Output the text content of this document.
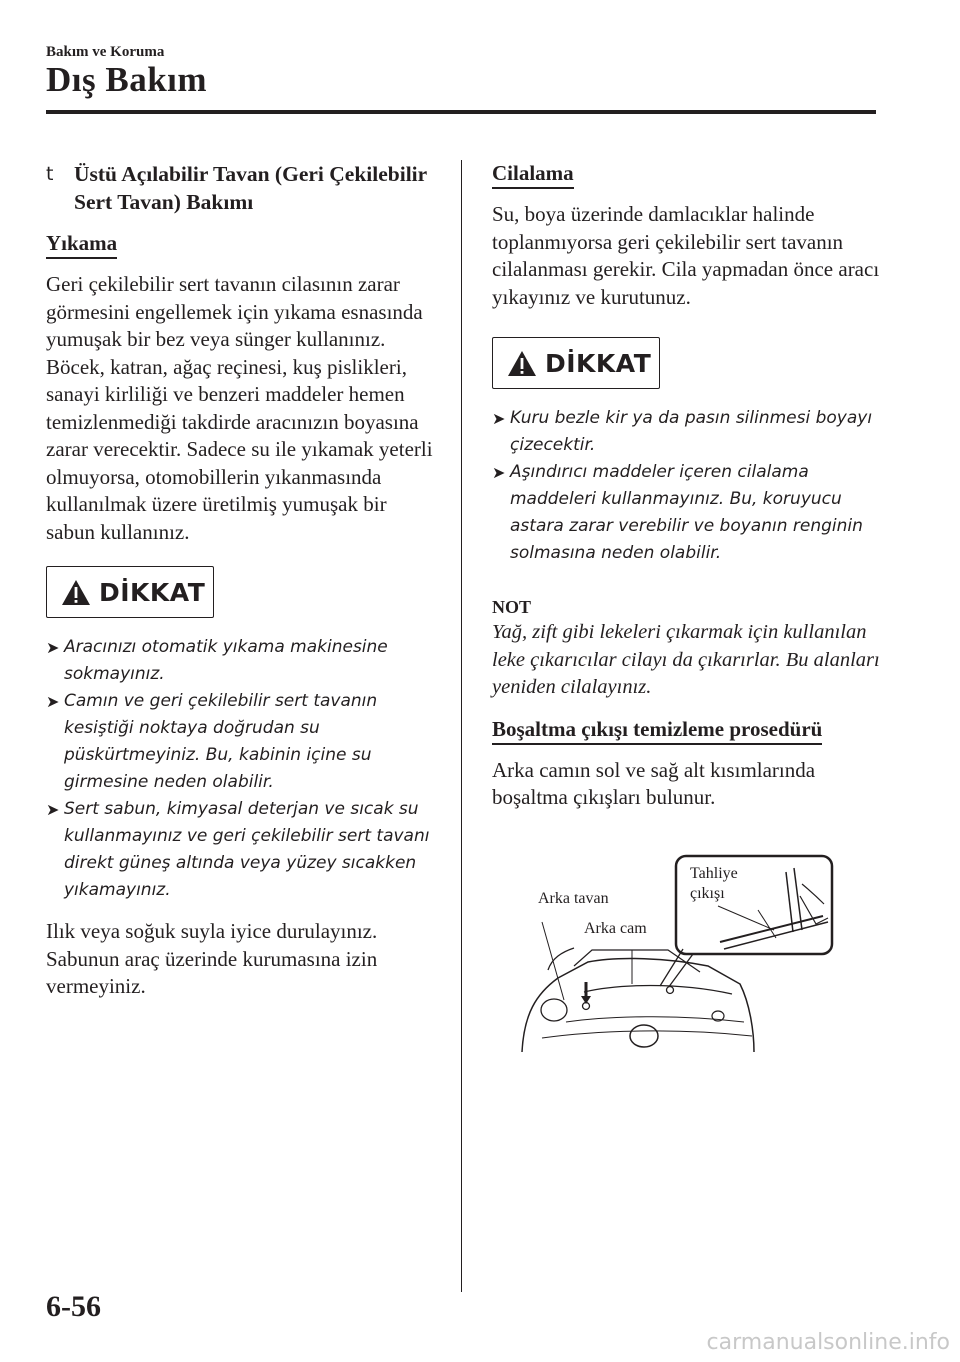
Bakım ve Koruma
Dış Bakım
t Üstü Açılabilir Tavan (Geri Çekilebilir Sert Tavan) Bakımı
Yıkama

Geri çekilebilir sert tavanın cilasının zarar görmesini engellemek için yıkama esnasında yumuşak bir bez veya sünger kullanınız.

Böcek, katran, ağaç reçinesi, kuş pislikleri, sanayi kirliliği ve benzeri maddeler hemen temizlenmediği takdirde aracınızın boyasına zarar verecektir. Sadece su ile yıkamak yeterli olmuyorsa, otomobillerin yıkanmasında kullanılmak üzere üretilmiş yumuşak bir sabun kullanınız.

DİKKAT
➤ Aracınızı otomatik yıkama makinesine sokmayınız.
➤ Camın ve geri çekilebilir sert tavanın kesiştiği noktaya doğrudan su püskürtmeyiniz. Bu, kabinin içine su girmesine neden olabilir.
➤ Sert sabun, kimyasal deterjan ve sıcak su kullanmayınız ve geri çekilebilir sert tavanı direkt güneş altında veya yüzey sıcakken yıkamayınız.

Ilık veya soğuk suyla iyice durulayınız. Sabunun araç üzerinde kurumasına izin vermeyiniz.

Cilalama

Su, boya üzerinde damlacıklar halinde toplanmıyorsa geri çekilebilir sert tavanın cilalanması gerekir. Cila yapmadan önce aracı yıkayınız ve kurutunuz.

DİKKAT
➤ Kuru bezle kir ya da pasın silinmesi boyayı çizecektir.
➤ Aşındırıcı maddeler içeren cilalama maddeleri kullanmayınız. Bu, koruyucu astara zarar verebilir ve boyanın renginin solmasına neden olabilir.

NOT

Yağ, zift gibi lekeleri çıkarmak için kullanılan leke çıkarıcılar cilayı da çıkarırlar. Bu alanları yeniden cilalayınız.

Boşaltma çıkışı temizleme prosedürü

Arka camın sol ve sağ alt kısımlarında boşaltma çıkışları bulunur.

Tahliye
çıkışı
Arka tavan
Arka cam
6-56
carmanualsonline.info
